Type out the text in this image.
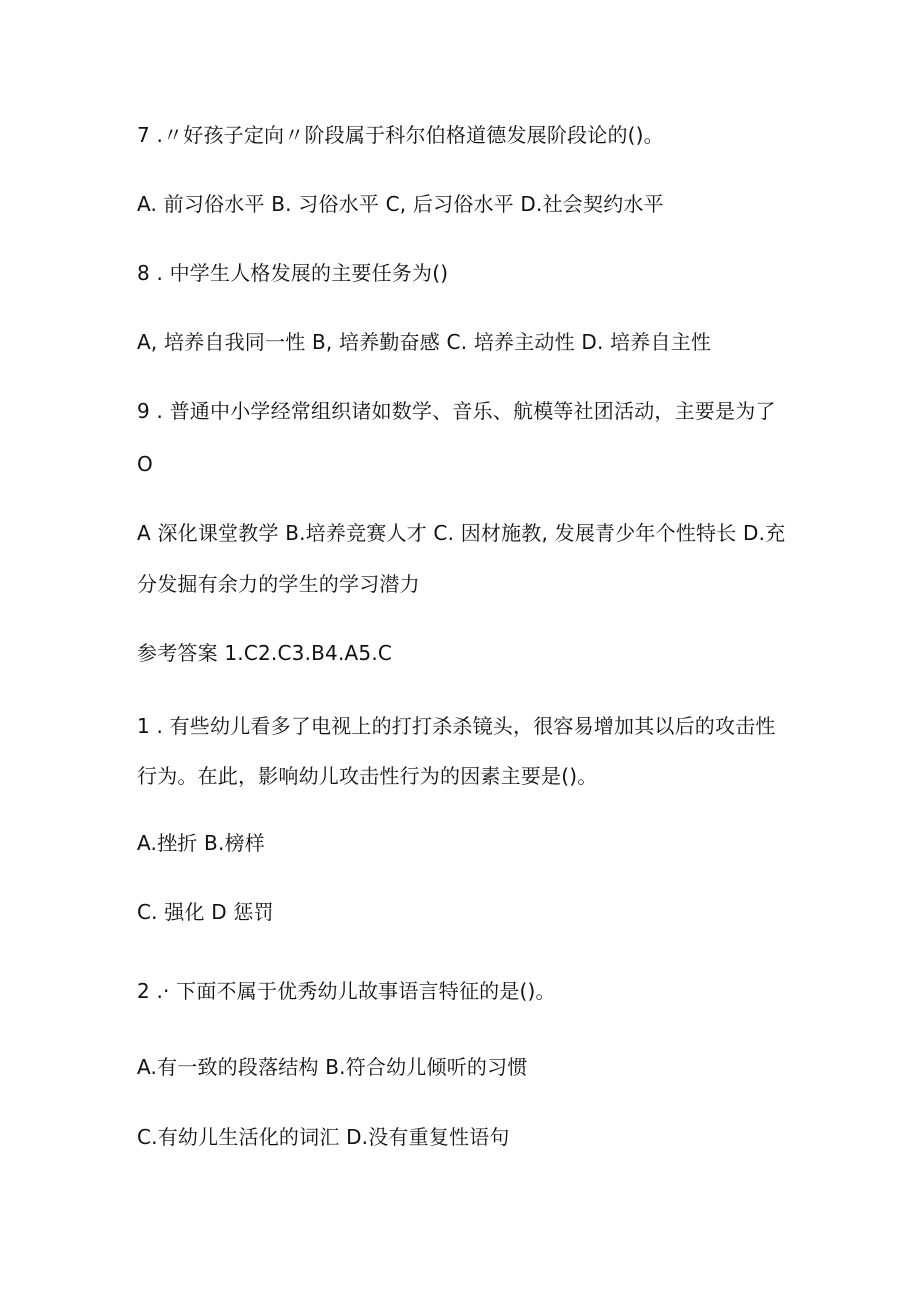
7 .〃好孩子定向〃阶段属于科尔伯格道德发展阶段论的()。
A. 前习俗水平 B. 习俗水平 C, 后习俗水平 D.社会契约水平
8 . 中学生人格发展的主要任务为()
A, 培养自我同一性 B, 培养勤奋感 C. 培养主动性 D. 培养自主性
9 . 普通中小学经常组织诸如数学、音乐、航模等社团活动，主要是为了
O
A 深化课堂教学 B.培养竞赛人才 C. 因材施教, 发展青少年个性特长 D.充
分发掘有余力的学生的学习潜力
参考答案 1.C2.C3.B4.A5.C
1 . 有些幼儿看多了电视上的打打杀杀镜头，很容易增加其以后的攻击性
行为。在此，影响幼儿攻击性行为的因素主要是()。
A.挫折 B.榜样
C. 强化 D 惩罚
2 .· 下面不属于优秀幼儿故事语言特征的是()。
A.有一致的段落结构 B.符合幼儿倾听的习惯
C.有幼儿生活化的词汇 D.没有重复性语句
